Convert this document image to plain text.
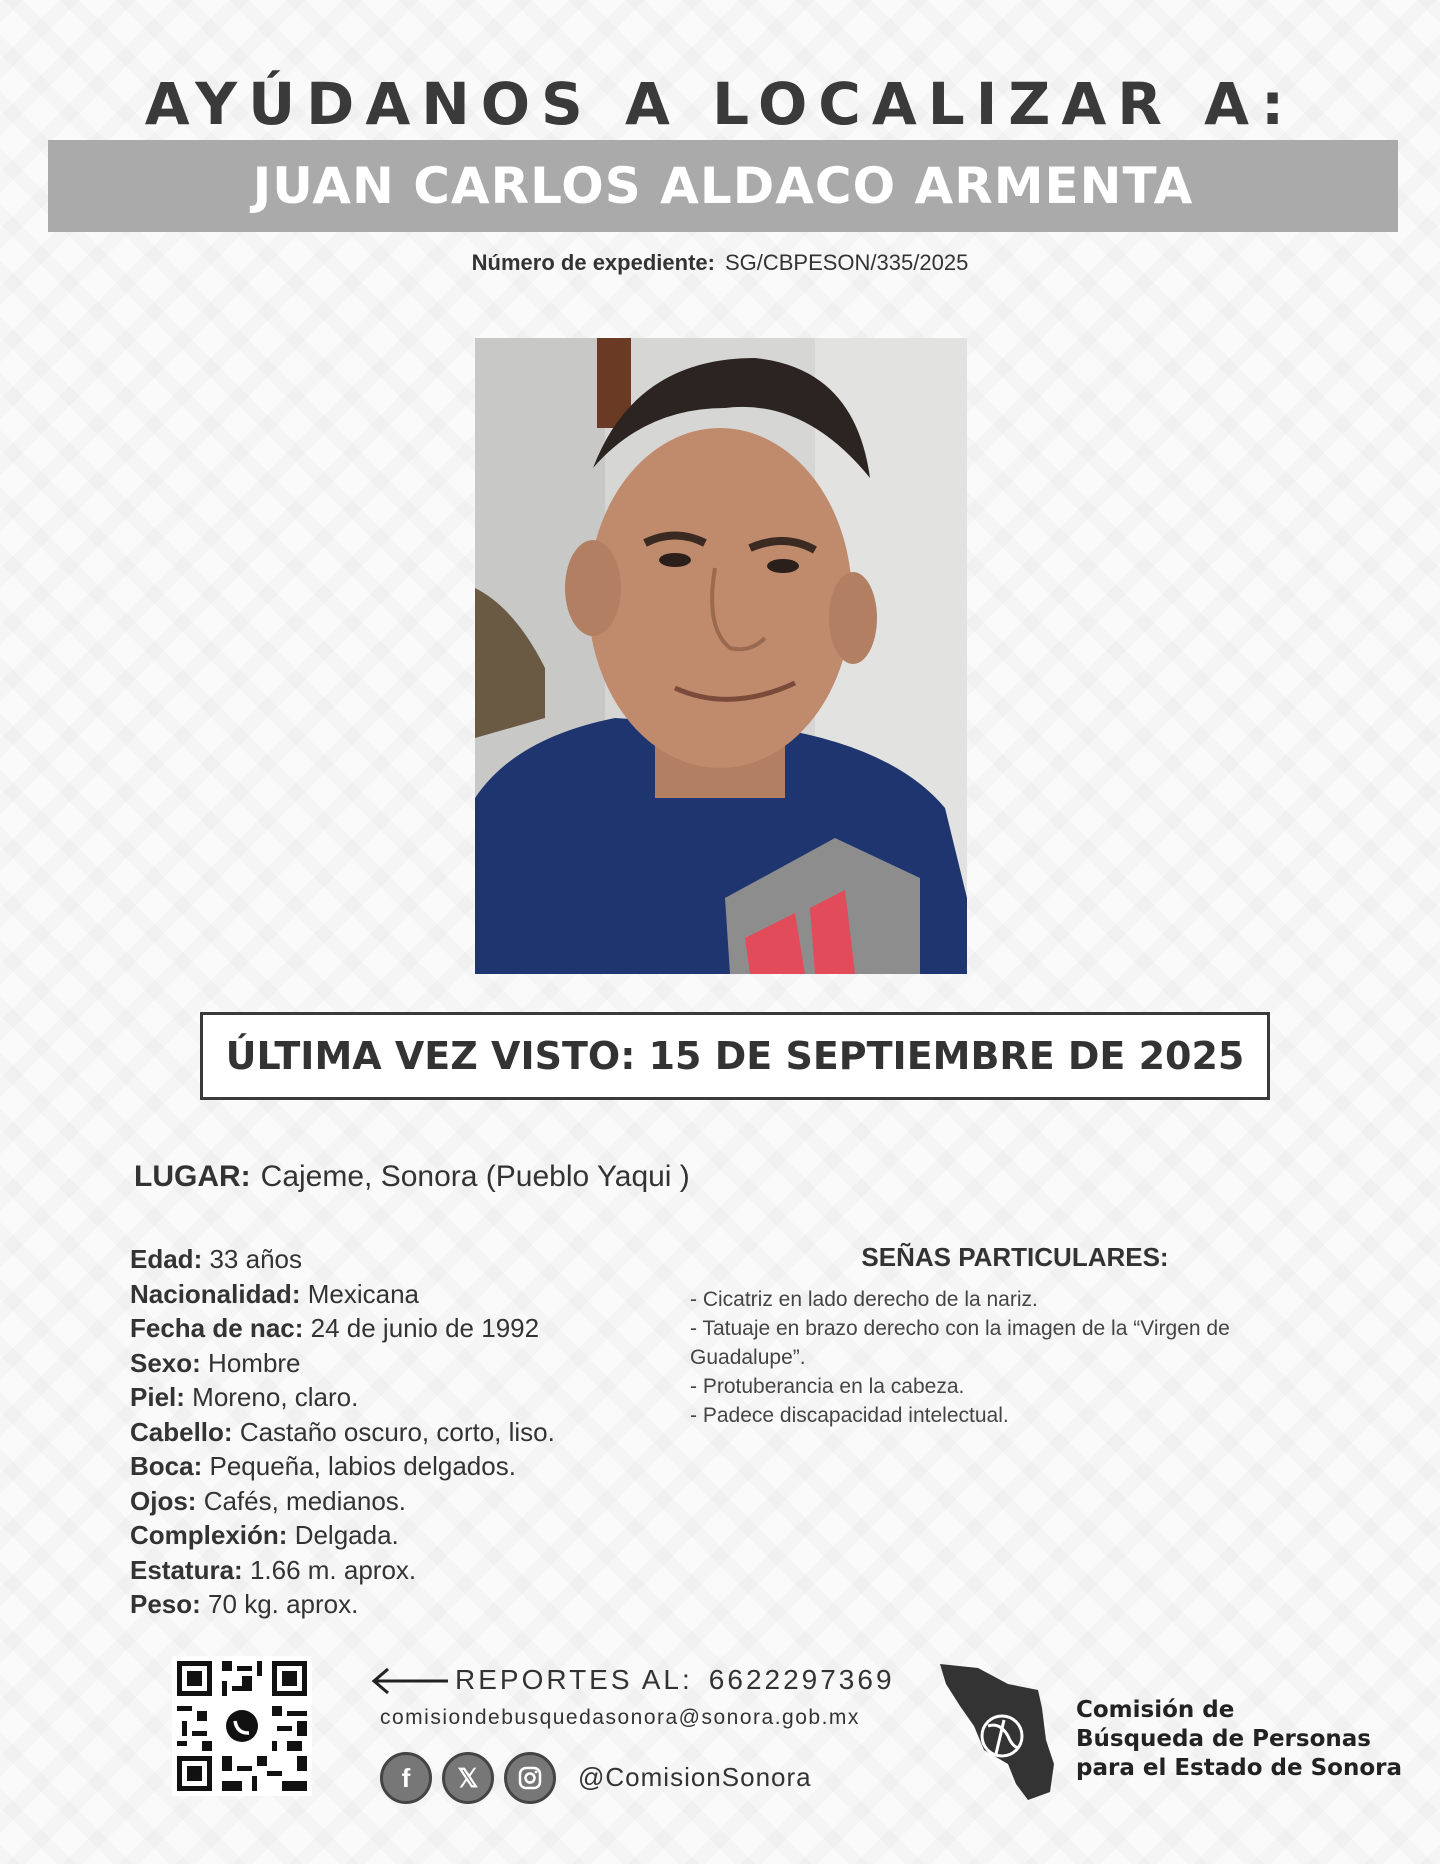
AYÚDANOS A LOCALIZAR A:
JUAN CARLOS ALDACO ARMENTA
Número de expediente: SG/CBPESON/335/2025
ÚLTIMA VEZ VISTO: 15 DE SEPTIEMBRE DE 2025
LUGAR: Cajeme, Sonora (Pueblo Yaqui )
Edad: 33 años
Nacionalidad: Mexicana
Fecha de nac: 24 de junio de 1992
Sexo: Hombre
Piel: Moreno, claro.
Cabello: Castaño oscuro, corto, liso.
Boca: Pequeña, labios delgados.
Ojos: Cafés, medianos.
Complexión: Delgada.
Estatura: 1.66 m. aprox.
Peso: 70 kg. aprox.
SEÑAS PARTICULARES:
- Cicatriz en lado derecho de la nariz.
- Tatuaje en brazo derecho con la imagen de la “Virgen de Guadalupe”.
- Protuberancia en la cabeza.
- Padece discapacidad intelectual.
REPORTES AL: 6622297369
comisiondebusquedasonora@sonora.gob.mx
f	𝕏	@ComisionSonora
Comisión de
Búsqueda de Personas
para el Estado de Sonora
